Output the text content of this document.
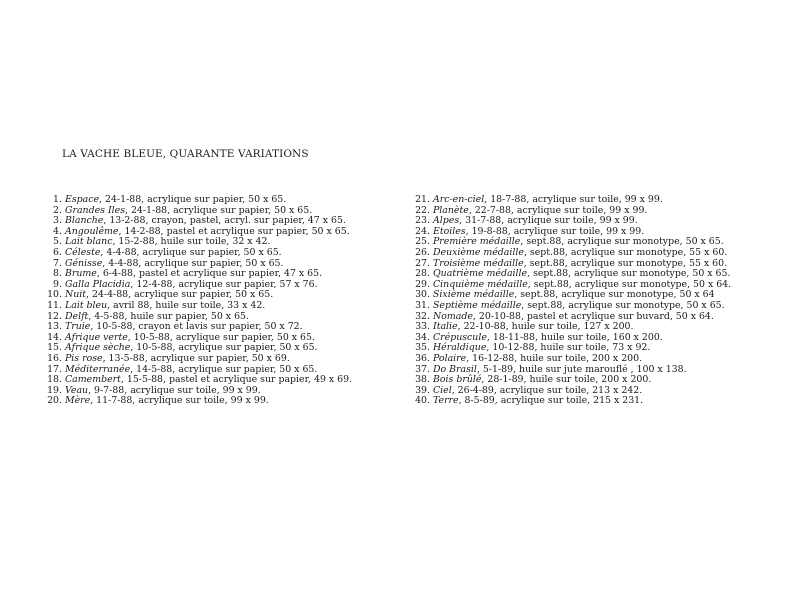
LA VACHE BLEUE, QUARANTE VARIATIONS
1. Espace, 24-1-88, acrylique sur papier, 50 x 65.
2. Grandes Iles, 24-1-88, acrylique sur papier, 50 x 65.
3. Blanche, 13-2-88, crayon, pastel, acryl. sur papier, 47 x 65.
4. Angoulême, 14-2-88, pastel et acrylique sur papier, 50 x 65.
5. Lait blanc, 15-2-88, huile sur toile, 32 x 42.
6. Céleste, 4-4-88, acrylique sur papier, 50 x 65.
7. Génisse, 4-4-88, acrylique sur papier, 50 x 65.
8. Brume, 6-4-88, pastel et acrylique sur papier, 47 x 65.
9. Galla Placidia, 12-4-88, acrylique sur papier, 57 x 76.
10. Nuit, 24-4-88, acrylique sur papier, 50 x 65.
11. Lait bleu, avril 88, huile sur toile, 33 x 42.
12. Delft, 4-5-88, huile sur papier, 50 x 65.
13. Truie, 10-5-88, crayon et lavis sur papier, 50 x 72.
14. Afrique verte, 10-5-88, acrylique sur papier, 50 x 65.
15. Afrique sèche, 10-5-88, acrylique sur papier, 50 x 65.
16. Pis rose, 13-5-88, acrylique sur papier, 50 x 69.
17. Méditerranée, 14-5-88, acrylique sur papier, 50 x 65.
18. Camembert, 15-5-88, pastel et acrylique sur papier, 49 x 69.
19. Veau, 9-7-88, acrylique sur toile, 99 x 99.
20. Mère, 11-7-88, acrylique sur toile, 99 x 99.
21. Arc-en-ciel, 18-7-88, acrylique sur toile, 99 x 99.
22. Planète, 22-7-88, acrylique sur toile, 99 x 99.
23. Alpes, 31-7-88, acrylique sur toile, 99 x 99.
24. Etoiles, 19-8-88, acrylique sur toile, 99 x 99.
25. Première médaille, sept.88, acrylique sur monotype, 50 x 65.
26. Deuxième médaille, sept.88, acrylique sur monotype, 55 x 60.
27. Troisième médaille, sept.88, acrylique sur monotype, 55 x 60.
28. Quatrième médaille, sept.88, acrylique sur monotype, 50 x 65.
29. Cinquième médaille, sept.88, acrylique sur monotype, 50 x 64.
30. Sixième médaille, sept.88, acrylique sur monotype, 50 x 64
31. Septième médaille, sept.88, acrylique sur monotype, 50 x 65.
32. Nomade, 20-10-88, pastel et acrylique sur buvard, 50 x 64.
33. Italie, 22-10-88, huile sur toile, 127 x 200.
34. Crépuscule, 18-11-88, huile sur toile, 160 x 200.
35. Héraldique, 10-12-88, huile sur toile, 73 x 92.
36. Polaire, 16-12-88, huile sur toile, 200 x 200.
37. Do Brasil, 5-1-89, huile sur jute marouflé , 100 x 138.
38. Bois brûlé, 28-1-89, huile sur toile, 200 x 200.
39. Ciel, 26-4-89, acrylique sur toile, 213 x 242.
40. Terre, 8-5-89, acrylique sur toile, 215 x 231.
